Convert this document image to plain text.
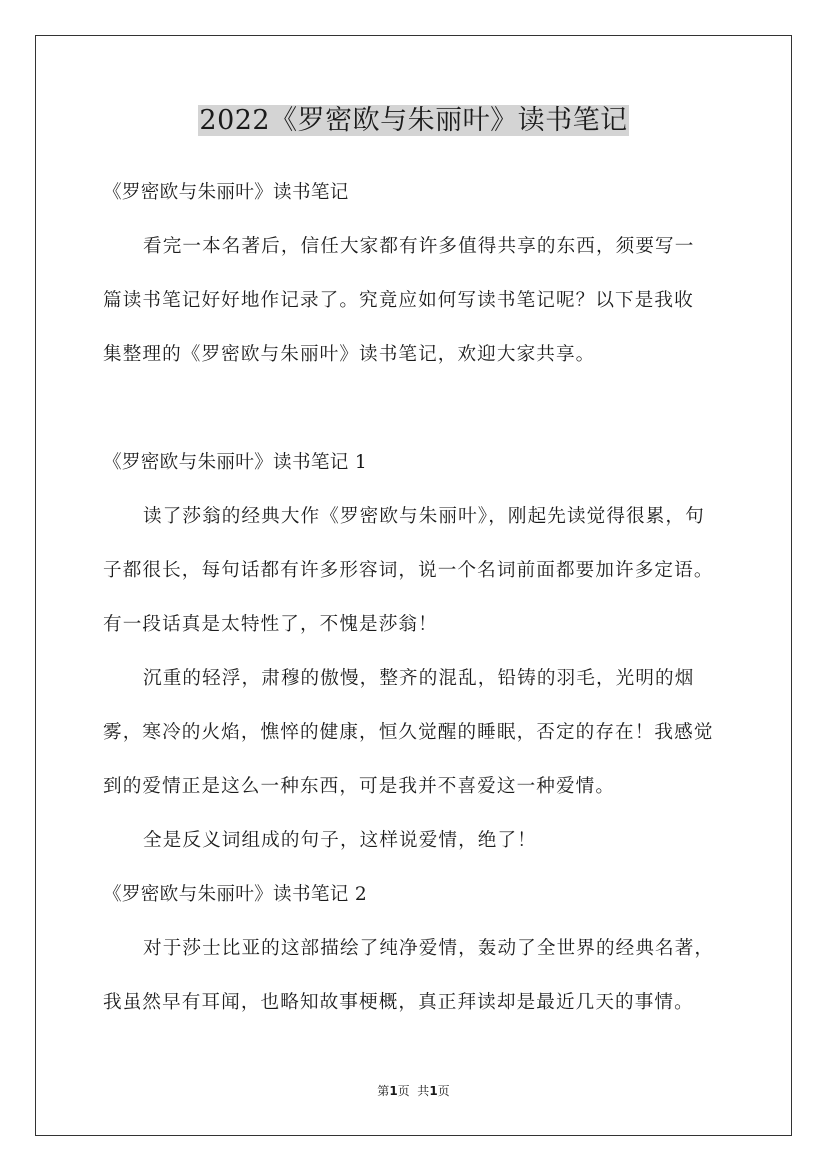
2022《罗密欧与朱丽叶》读书笔记
《罗密欧与朱丽叶》读书笔记
看完一本名著后，信任大家都有许多值得共享的东西，须要写一
篇读书笔记好好地作记录了。究竟应如何写读书笔记呢？以下是我收
集整理的《罗密欧与朱丽叶》读书笔记，欢迎大家共享。
《罗密欧与朱丽叶》读书笔记 1
读了莎翁的经典大作《罗密欧与朱丽叶》，刚起先读觉得很累，句
子都很长，每句话都有许多形容词，说一个名词前面都要加许多定语。
有一段话真是太特性了，不愧是莎翁！
沉重的轻浮，肃穆的傲慢，整齐的混乱，铅铸的羽毛，光明的烟
雾，寒冷的火焰，憔悴的健康，恒久觉醒的睡眠，否定的存在！我感觉
到的爱情正是这么一种东西，可是我并不喜爱这一种爱情。
全是反义词组成的句子，这样说爱情，绝了！
《罗密欧与朱丽叶》读书笔记 2
对于莎士比亚的这部描绘了纯净爱情，轰动了全世界的经典名著，
我虽然早有耳闻，也略知故事梗概，真正拜读却是最近几天的事情。
第1页  共1页
